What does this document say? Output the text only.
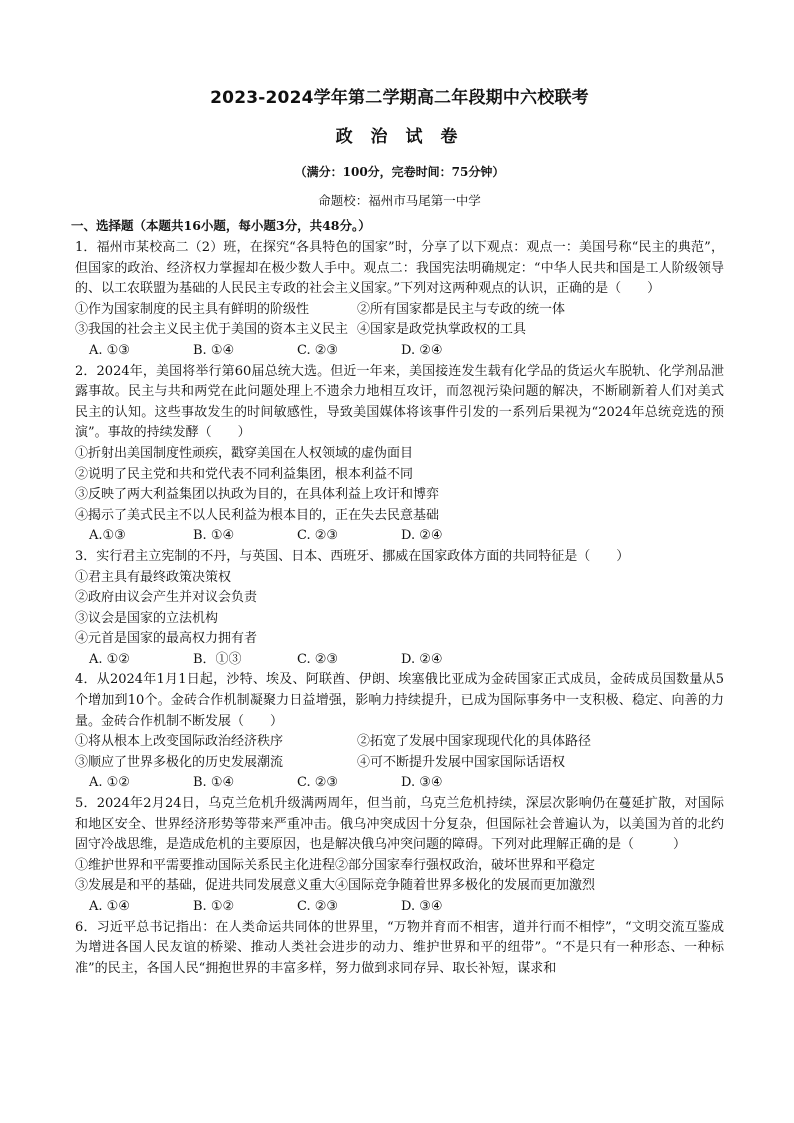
2023-2024学年第二学期高二年段期中六校联考
政 治 试 卷

（满分：100分，完卷时间：75分钟）

命题校：福州市马尾第一中学

一、选择题（本题共16小题，每小题3分，共48分。）

1．福州市某校高二（2）班，在探究“各具特色的国家”时，分享了以下观点：观点一：美国号称“民主的典范”，但国家的政治、经济权力掌握却在极少数人手中。观点二：我国宪法明确规定：“中华人民共和国是工人阶级领导的、以工农联盟为基础的人民民主专政的社会主义国家。”下列对这两种观点的认识，正确的是（　　）

①作为国家制度的民主具有鲜明的阶级性	②所有国家都是民主与专政的统一体

③我国的社会主义民主优于美国的资本主义民主 ④国家是政党执掌政权的工具

A. ①③	B. ①④	C. ②③	D. ②④

2．2024年，美国将举行第60届总统大选。但近一年来，美国接连发生载有化学品的货运火车脱轨、化学剂品泄露事故。民主与共和两党在此问题处理上不遗余力地相互攻讦，而忽视污染问题的解决，不断刷新着人们对美式民主的认知。这些事故发生的时间敏感性，导致美国媒体将该事件引发的一系列后果视为“2024年总统竞选的预演”。事故的持续发酵（　　）

①折射出美国制度性顽疾，戳穿美国在人权领域的虚伪面目

②说明了民主党和共和党代表不同利益集团，根本利益不同

③反映了两大利益集团以执政为目的，在具体利益上攻讦和博弈

④揭示了美式民主不以人民利益为根本目的，正在失去民意基础

A.①③	B. ①④	C. ②③	D. ②④

3．实行君主立宪制的不丹，与英国、日本、西班牙、挪威在国家政体方面的共同特征是（　　）

①君主具有最终政策决策权

②政府由议会产生并对议会负责

③议会是国家的立法机构

④元首是国家的最高权力拥有者

A. ①②	B．①③	C. ②③	D. ②④

4．从2024年1月1日起，沙特、埃及、阿联酋、伊朗、埃塞俄比亚成为金砖国家正式成员，金砖成员国数量从5个增加到10个。金砖合作机制凝聚力日益增强，影响力持续提升，已成为国际事务中一支积极、稳定、向善的力量。金砖合作机制不断发展（　　）

①将从根本上改变国际政治经济秩序	②拓宽了发展中国家现现代化的具体路径

③顺应了世界多极化的历史发展潮流	④可不断提升发展中国家国际话语权

A. ①②	B. ①④	C. ②③	D. ③④

5．2024年2月24日，乌克兰危机升级满两周年，但当前，乌克兰危机持续，深层次影响仍在蔓延扩散，对国际和地区安全、世界经济形势等带来严重冲击。俄乌冲突成因十分复杂，但国际社会普遍认为，以美国为首的北约固守冷战思维，是造成危机的主要原因，也是解决俄乌冲突问题的障碍。下列对此理解正确的是（　　　）

①维护世界和平需要推动国际关系民主化进程②部分国家奉行强权政治，破坏世界和平稳定

③发展是和平的基础，促进共同发展意义重大④国际竞争随着世界多极化的发展而更加激烈

A. ①④	B. ①②	C. ②③	D. ③④

6．习近平总书记指出：在人类命运共同体的世界里，“万物并育而不相害，道并行而不相悖”，“文明交流互鉴成为增进各国人民友谊的桥梁、推动人类社会进步的动力、维护世界和平的纽带”。“不是只有一种形态、一种标准”的民主，各国人民“拥抱世界的丰富多样，努力做到求同存异、取长补短，谋求和
